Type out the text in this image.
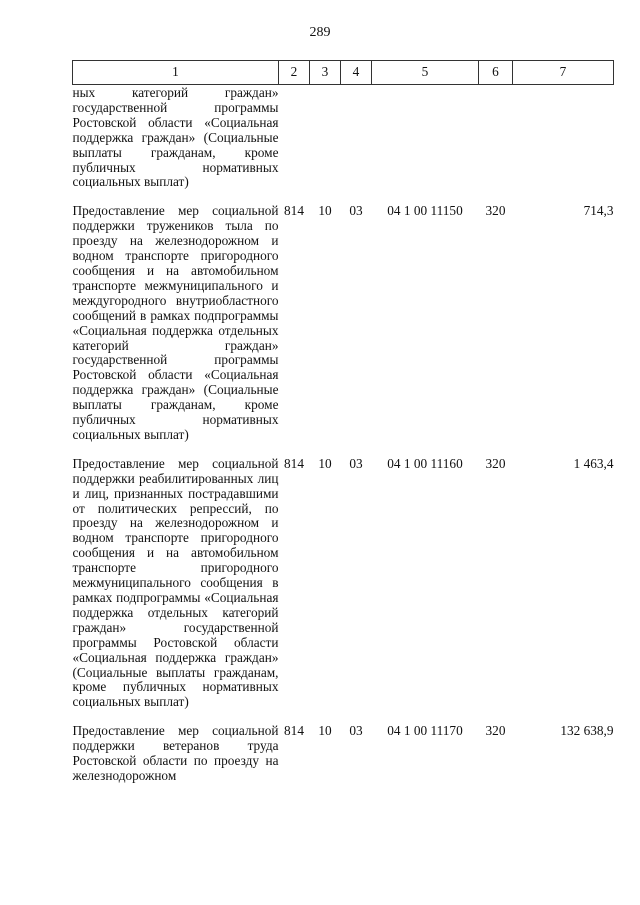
289
1	2	3	4	5	6	7
ных категорий граждан» государственной программы Ростовской области «Социальная поддержка граждан» (Социальные выплаты гражданам, кроме публичных нормативных социальных выплат)						
Предоставление мер социальной поддержки тружеников тыла по проезду на железнодорожном и водном транспорте пригородного сообщения и на автомобильном транспорте межмуниципального и междугородного внутриобластного сообщений в рамках подпрограммы «Социальная поддержка отдельных категорий граждан» государственной программы Ростовской области «Социальная поддержка граждан» (Социальные выплаты гражданам, кроме публичных нормативных социальных выплат)	814	10	03	04 1 00 11150	320	714,3
Предоставление мер социальной поддержки реабилитированных лиц и лиц, признанных пострадавшими от политических репрессий, по проезду на железнодорожном и водном транспорте пригородного сообщения и на автомобильном транспорте пригородного межмуниципального сообщения в рамках подпрограммы «Социальная поддержка отдельных категорий граждан» государственной программы Ростовской области «Социальная поддержка граждан» (Социальные выплаты гражданам, кроме публичных нормативных социальных выплат)	814	10	03	04 1 00 11160	320	1 463,4
Предоставление мер социальной поддержки ветеранов труда Ростовской области по проезду на железнодорожном	814	10	03	04 1 00 11170	320	132 638,9
